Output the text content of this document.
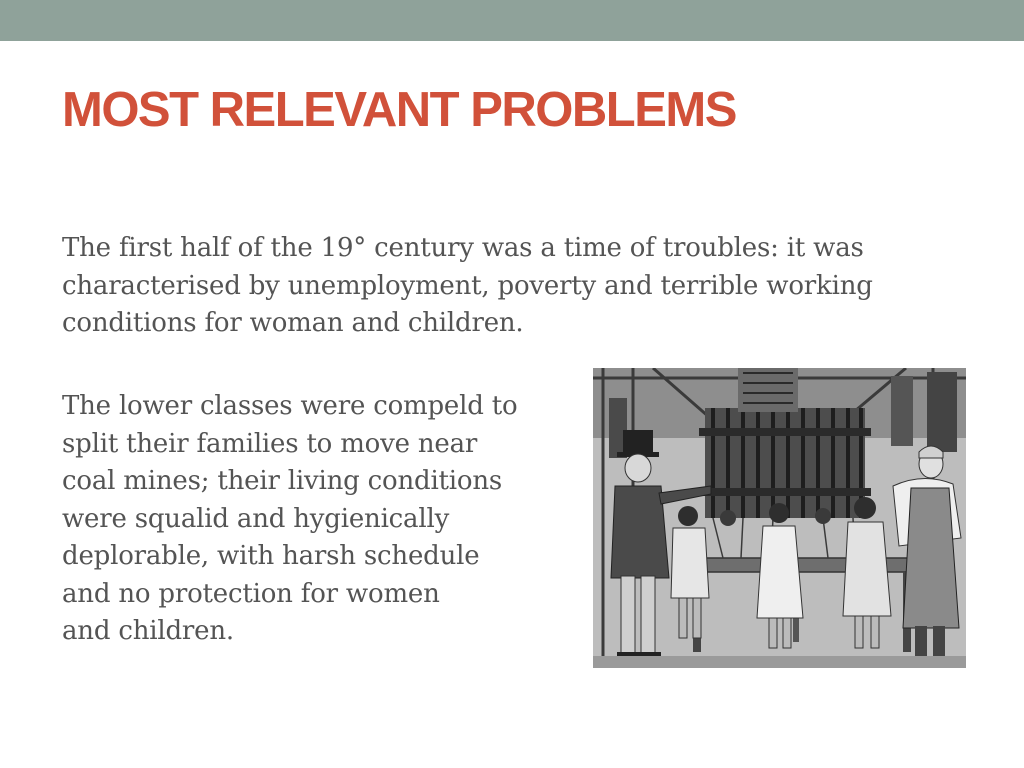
MOST RELEVANT PROBLEMS

The first half of the 19° century was a time of troubles: it was
characterised by unemployment, poverty and terrible working
conditions for woman and children.

The lower classes were compeld to
split their families to move near
coal mines; their living conditions
were squalid and hygienically
deplorable, with harsh schedule
and no protection for women
and children.
